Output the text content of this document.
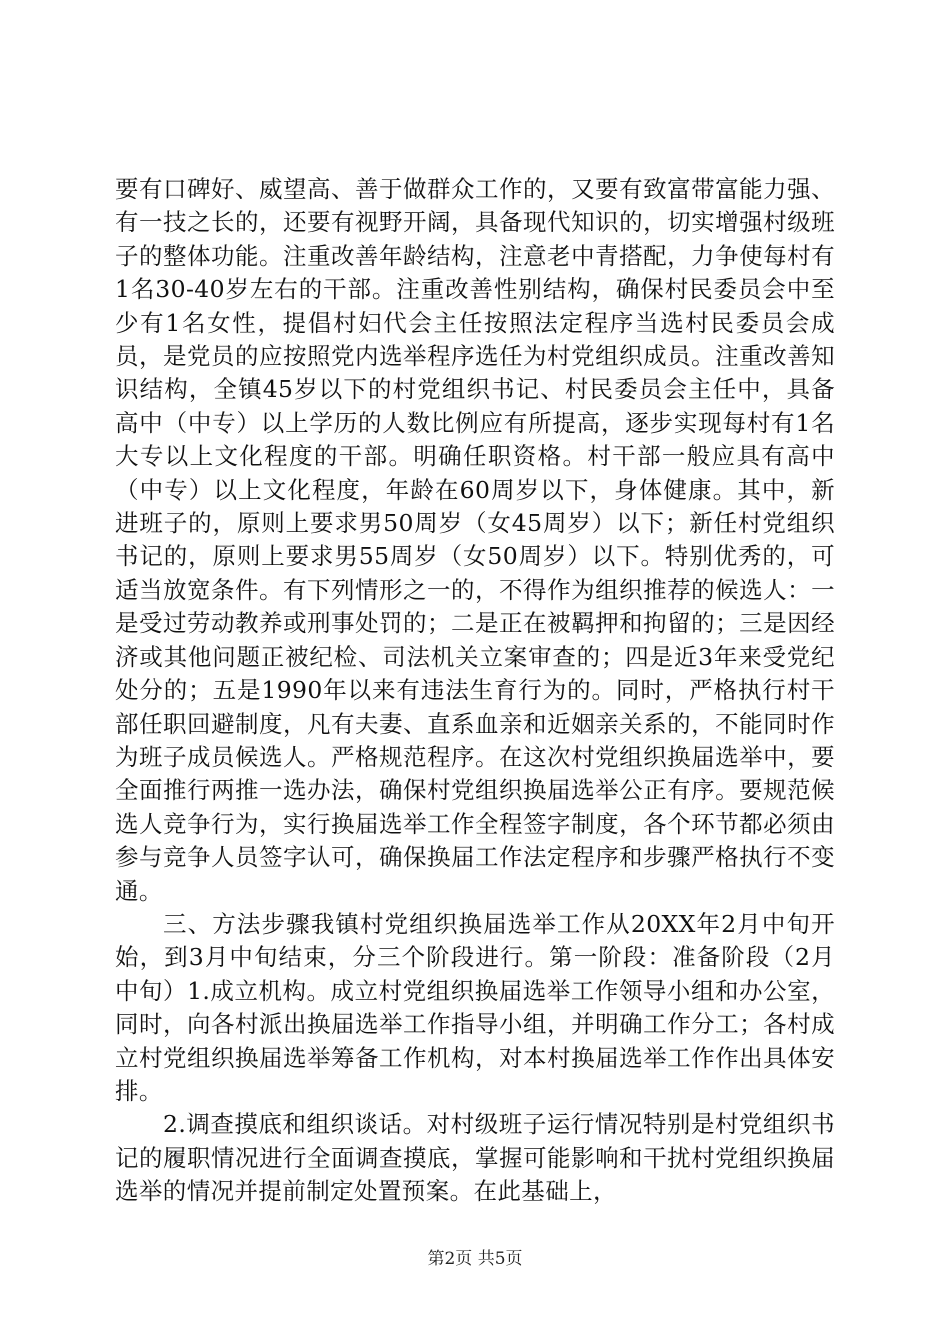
要有口碑好、威望高、善于做群众工作的，又要有致富带富能力强、有一技之长的，还要有视野开阔，具备现代知识的，切实增强村级班子的整体功能。注重改善年龄结构，注意老中青搭配，力争使每村有1名30-40岁左右的干部。注重改善性别结构，确保村民委员会中至少有1名女性，提倡村妇代会主任按照法定程序当选村民委员会成员，是党员的应按照党内选举程序选任为村党组织成员。注重改善知识结构，全镇45岁以下的村党组织书记、村民委员会主任中，具备高中（中专）以上学历的人数比例应有所提高，逐步实现每村有1名大专以上文化程度的干部。明确任职资格。村干部一般应具有高中（中专）以上文化程度，年龄在60周岁以下，身体健康。其中，新进班子的，原则上要求男50周岁（女45周岁）以下；新任村党组织书记的，原则上要求男55周岁（女50周岁）以下。特别优秀的，可适当放宽条件。有下列情形之一的，不得作为组织推荐的候选人：一是受过劳动教养或刑事处罚的；二是正在被羁押和拘留的；三是因经济或其他问题正被纪检、司法机关立案审查的；四是近3年来受党纪处分的；五是1990年以来有违法生育行为的。同时，严格执行村干部任职回避制度，凡有夫妻、直系血亲和近姻亲关系的，不能同时作为班子成员候选人。严格规范程序。在这次村党组织换届选举中，要全面推行两推一选办法，确保村党组织换届选举公正有序。要规范候选人竞争行为，实行换届选举工作全程签字制度，各个环节都必须由参与竞争人员签字认可，确保换届工作法定程序和步骤严格执行不变通。

三、方法步骤我镇村党组织换届选举工作从20XX年2月中旬开始，到3月中旬结束，分三个阶段进行。第一阶段：准备阶段（2月中旬）1.成立机构。成立村党组织换届选举工作领导小组和办公室，同时，向各村派出换届选举工作指导小组，并明确工作分工；各村成立村党组织换届选举筹备工作机构，对本村换届选举工作作出具体安排。

2.调查摸底和组织谈话。对村级班子运行情况特别是村党组织书记的履职情况进行全面调查摸底，掌握可能影响和干扰村党组织换届选举的情况并提前制定处置预案。在此基础上，

第2页 共5页
